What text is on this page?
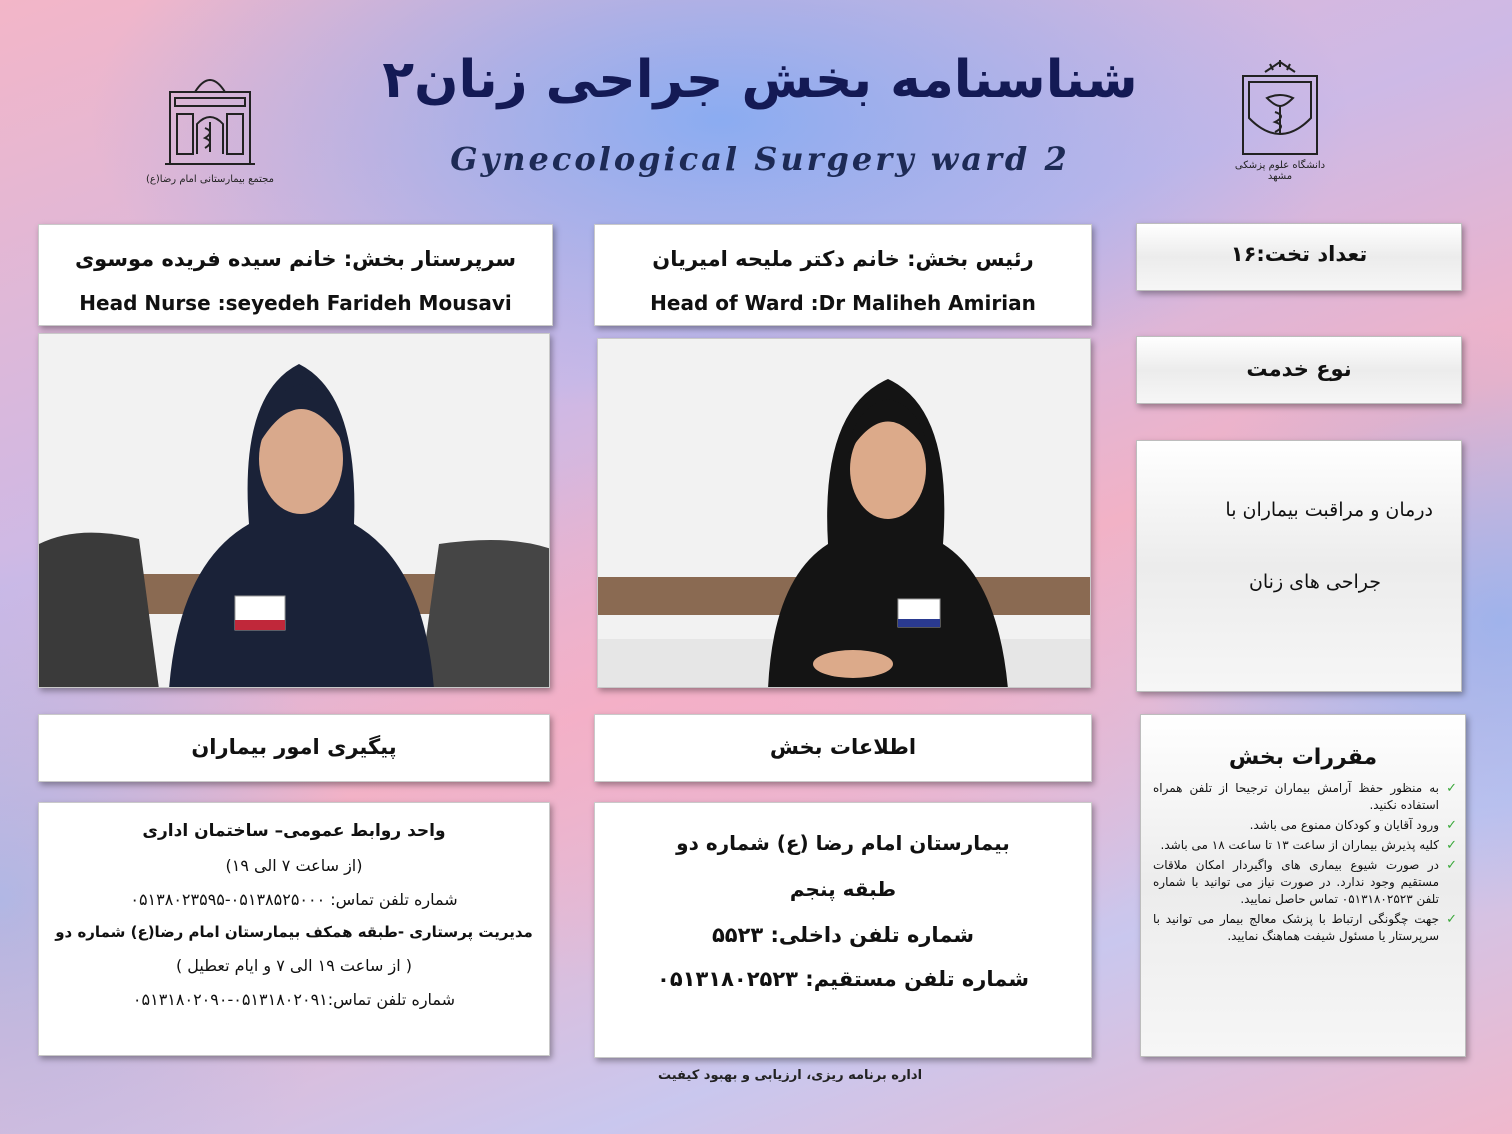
شناسنامه بخش جراحی زنان۲
Gynecological Surgery ward 2
مجتمع بیمارستانی امام رضا(ع)
دانشگاه علوم پزشکی مشهد
سرپرستار بخش: خانم سیده فریده موسوی
Head Nurse :seyedeh Farideh Mousavi
رئیس بخش: خانم دکتر ملیحه امیریان
Head of Ward :Dr Maliheh Amirian
تعداد تخت:۱۶
نوع خدمت
درمان و مراقبت بیماران با
جراحی های زنان
پیگیری امور بیماران	اطلاعات بخش
واحد روابط عمومی– ساختمان اداری
(از ساعت ۷ الی ۱۹)
شماره تلفن تماس: ۰۵۱۳۸۵۲۵۰۰۰-۰۵۱۳۸۰۲۳۵۹۵
مدیریت پرستاری -طبقه همکف بیمارستان امام رضا(ع) شماره دو
( از ساعت ۱۹ الی ۷ و ایام تعطیل )
شماره تلفن تماس:۰۵۱۳۱۸۰۲۰۹۱-۰۵۱۳۱۸۰۲۰۹۰
بیمارستان امام رضا (ع) شماره دو
طبقه پنجم
شماره تلفن داخلی: ۵۵۲۳
شماره تلفن مستقیم: ۰۵۱۳۱۸۰۲۵۲۳
مقررات بخش
✓
به منظور حفظ آرامش بیماران ترجیحا از تلفن همراه استفاده نکنید.
✓
ورود آقایان و کودکان ممنوع می باشد.
✓
کلیه پذیرش بیماران از ساعت ۱۳ تا ساعت ۱۸ می باشد.
✓
در صورت شیوع بیماری های واگیردار امکان ملاقات مستقیم وجود ندارد. در صورت نیاز می توانید با شماره تلفن ۰۵۱۳۱۸۰۲۵۲۳ تماس حاصل نمایید.
✓
جهت چگونگی ارتباط با پزشک معالج بیمار می توانید با سرپرستار یا مسئول شیفت هماهنگ نمایید.
اداره برنامه ریزی، ارزیابی و بهبود کیفیت
